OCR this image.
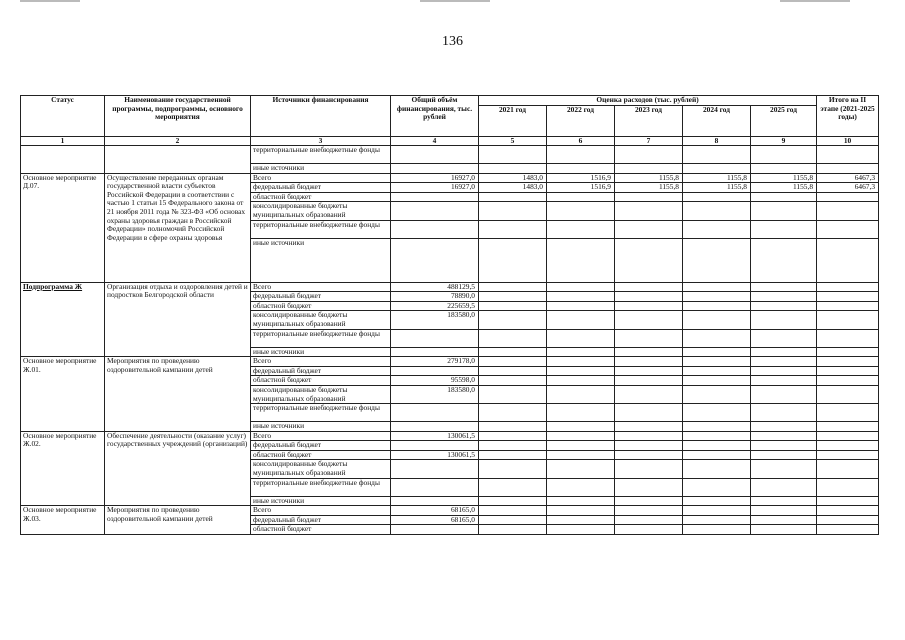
136
Статус	Наименование государственной программы, подпрограммы, основного мероприятия	Источники финансирования	Общий объём финансирования, тыс. рублей	Оценка расходов (тыс. рублей)					Итого на II этапе (2021-2025 годы)
				2021 год	2022 год	2023 год	2024 год	2025 год	
1	2	3	4	5	6	7	8	9	10
		территориальные внебюджетные фонды							
		иные источники							
Основное мероприятие Д.07.	Осуществление переданных органам государственной власти субъектов Российской Федерации в соответствии с частью 1 статьи 15 Федерального закона от 21 ноября 2011 года № 323-ФЗ «Об основах охраны здоровья граждан в Российской Федерации» полномочий Российской Федерации в сфере охраны здоровья	Всего	16927,0	1483,0	1516,9	1155,8	1155,8	1155,8	6467,3
		федеральный бюджет	16927,0	1483,0	1516,9	1155,8	1155,8	1155,8	6467,3
		областной бюджет							
		консолидированные бюджеты муниципальных образований							
		территориальные внебюджетные фонды							
		иные источники							
Подпрограмма Ж	Организация отдыха и оздоровления детей и подростков Белгородской области	Всего	488129,5						
		федеральный бюджет	78890,0						
		областной бюджет	225659,5						
		консолидированные бюджеты муниципальных образований	183580,0						
		территориальные внебюджетные фонды							
		иные источники							
Основное мероприятие Ж.01.	Мероприятия по проведению оздоровительной кампании детей	Всего	279178,0						
		федеральный бюджет							
		областной бюджет	95598,0						
		консолидированные бюджеты муниципальных образований	183580,0						
		территориальные внебюджетные фонды							
		иные источники							
Основное мероприятие Ж.02.	Обеспечение деятельности (оказание услуг) государственных учреждений (организаций)	Всего	130061,5						
		федеральный бюджет							
		областной бюджет	130061,5						
		консолидированные бюджеты муниципальных образований							
		территориальные внебюджетные фонды							
		иные источники							
Основное мероприятие Ж.03.	Мероприятия по проведению оздоровительной кампании детей	Всего	68165,0						
		федеральный бюджет	68165,0						
		областной бюджет							
